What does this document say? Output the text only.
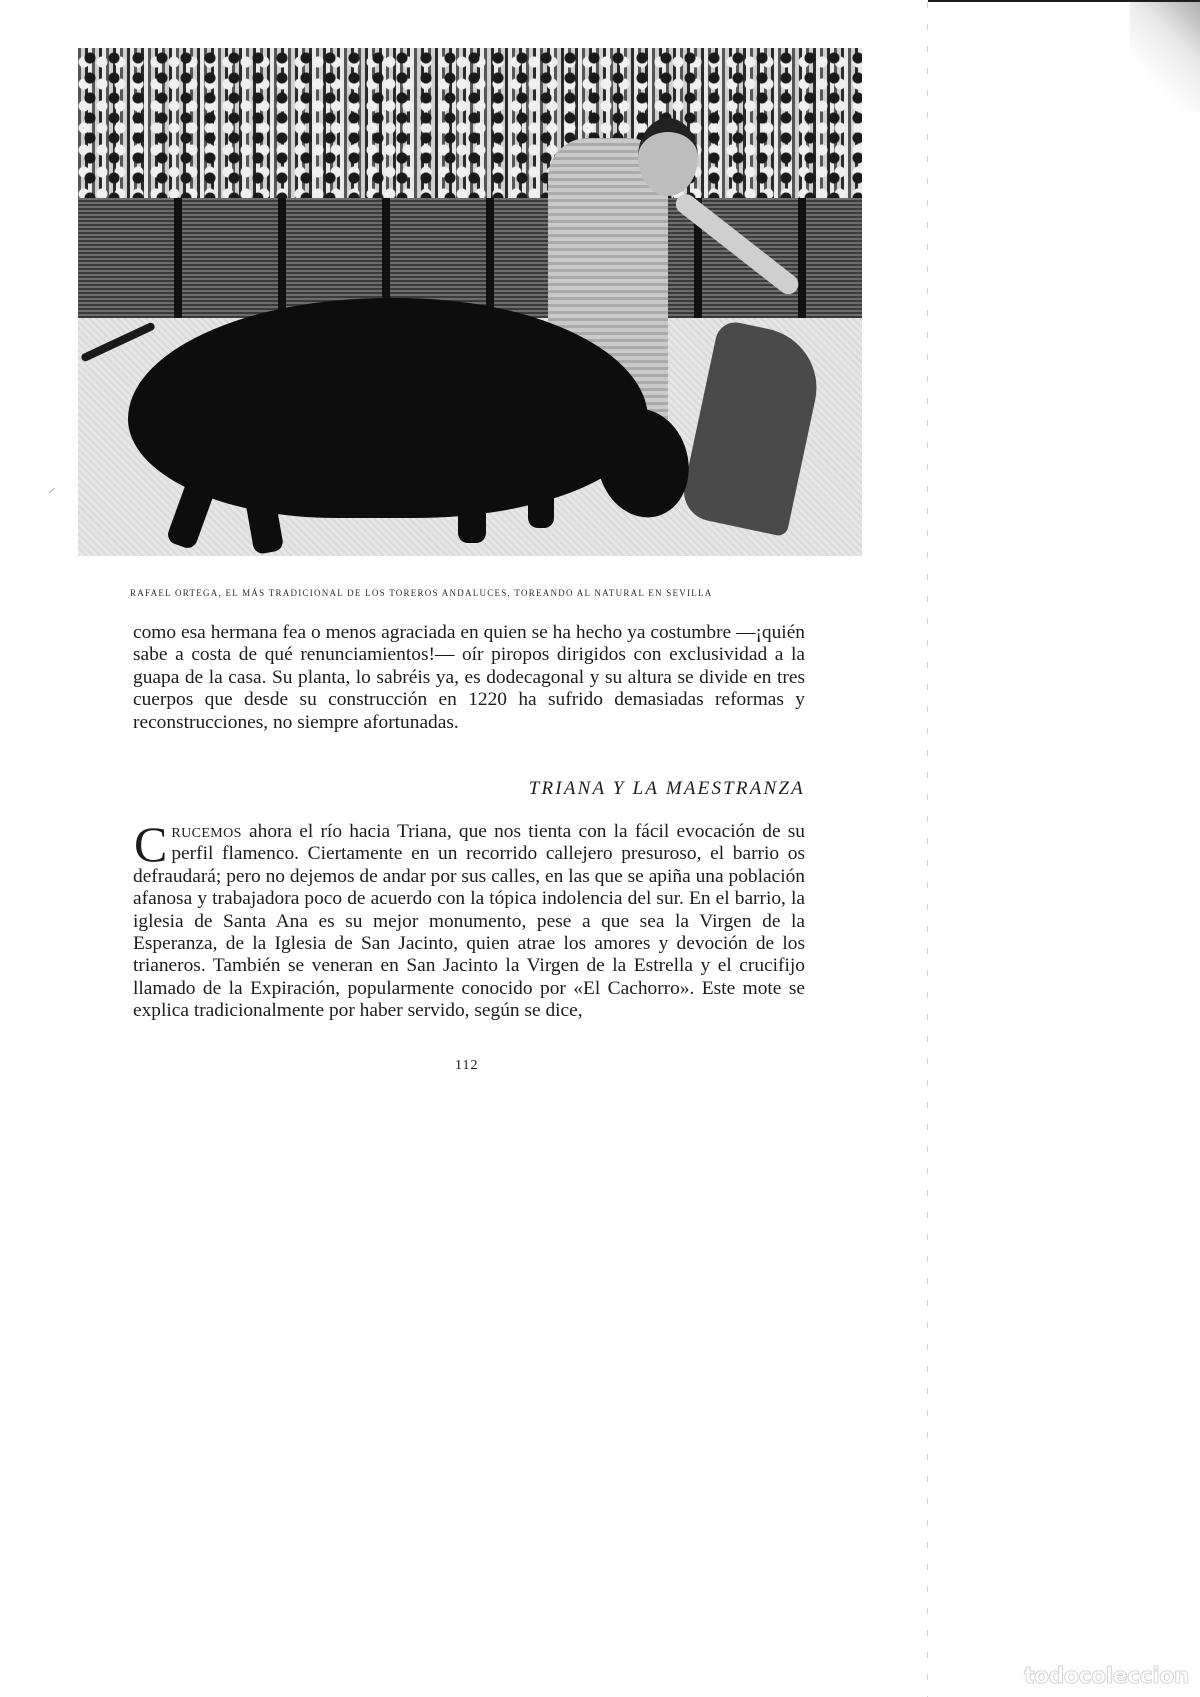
RAFAEL ORTEGA, EL MÁS TRADICIONAL DE LOS TOREROS ANDALUCES, TOREANDO AL NATURAL EN SEVILLA
como esa hermana fea o menos agraciada en quien se ha hecho ya costumbre —¡quién sabe a costa de qué renunciamientos!— oír piropos dirigidos con exclusividad a la guapa de la casa. Su planta, lo sabréis ya, es dodecagonal y su altura se divide en tres cuerpos que desde su construcción en 1220 ha sufrido demasiadas reformas y reconstrucciones, no siempre afortunadas.
TRIANA Y LA MAESTRANZA
Crucemos ahora el río hacia Triana, que nos tienta con la fácil evocación de su perfil flamenco. Ciertamente en un recorrido callejero presuroso, el barrio os defraudará; pero no dejemos de andar por sus calles, en las que se apiña una población afanosa y trabajadora poco de acuerdo con la tópica indolencia del sur. En el barrio, la iglesia de Santa Ana es su mejor monumento, pese a que sea la Virgen de la Esperanza, de la Iglesia de San Jacinto, quien atrae los amores y devoción de los trianeros. También se veneran en San Jacinto la Virgen de la Estrella y el crucifijo llamado de la Expiración, popularmente conocido por «El Cachorro». Este mote se explica tradicionalmente por haber servido, según se dice,
112
todocoleccion
